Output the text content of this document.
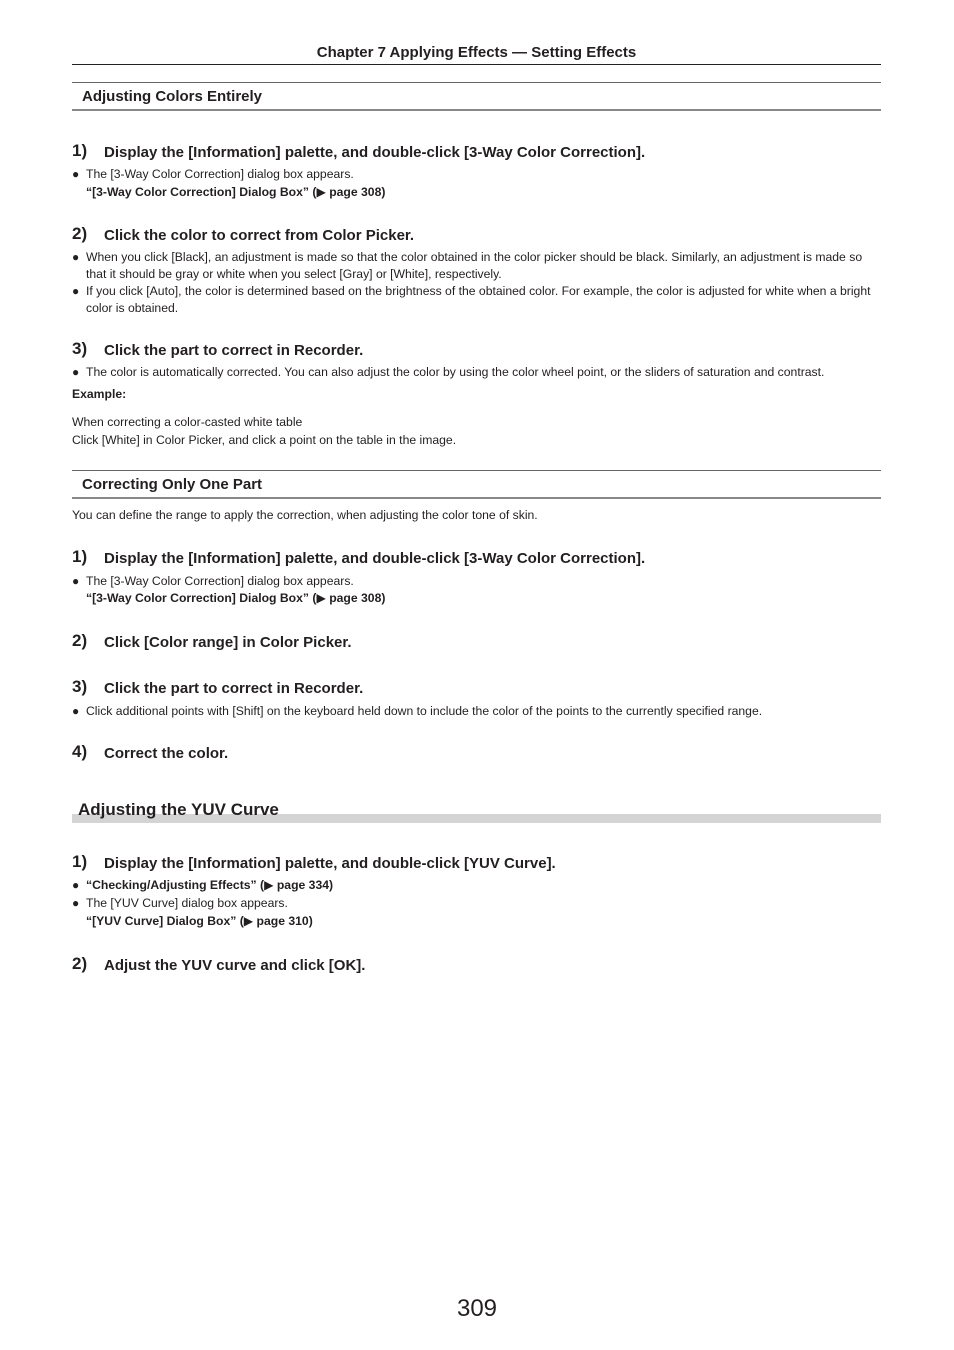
Chapter 7 Applying Effects — Setting Effects
Adjusting Colors Entirely
1) Display the [Information] palette, and double-click [3-Way Color Correction].
● The [3-Way Color Correction] dialog box appears.
“[3-Way Color Correction] Dialog Box” (▶ page 308)
2) Click the color to correct from Color Picker.
● When you click [Black], an adjustment is made so that the color obtained in the color picker should be black. Similarly, an adjustment is made so that it should be gray or white when you select [Gray] or [White], respectively.
● If you click [Auto], the color is determined based on the brightness of the obtained color. For example, the color is adjusted for white when a bright color is obtained.
3) Click the part to correct in Recorder.
● The color is automatically corrected. You can also adjust the color by using the color wheel point, or the sliders of saturation and contrast.
Example:
When correcting a color-casted white table
Click [White] in Color Picker, and click a point on the table in the image.
Correcting Only One Part
You can define the range to apply the correction, when adjusting the color tone of skin.
1) Display the [Information] palette, and double-click [3-Way Color Correction].
● The [3-Way Color Correction] dialog box appears.
“[3-Way Color Correction] Dialog Box” (▶ page 308)
2) Click [Color range] in Color Picker.
3) Click the part to correct in Recorder.
● Click additional points with [Shift] on the keyboard held down to include the color of the points to the currently specified range.
4) Correct the color.
Adjusting the YUV Curve
1) Display the [Information] palette, and double-click [YUV Curve].
● “Checking/Adjusting Effects” (▶ page 334)
● The [YUV Curve] dialog box appears.
“[YUV Curve] Dialog Box” (▶ page 310)
2) Adjust the YUV curve and click [OK].
309
